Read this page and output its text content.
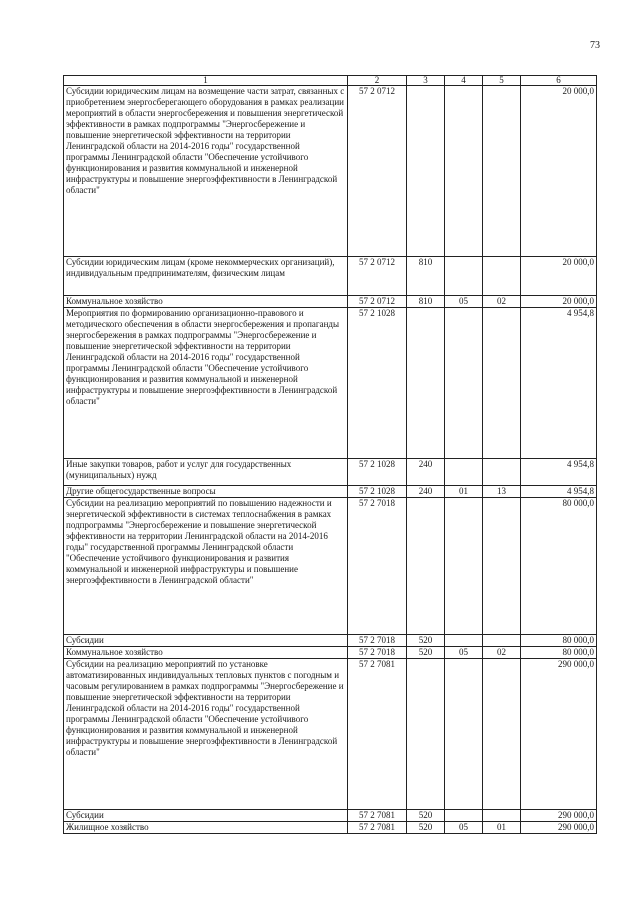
73
1	2	3	4	5	6
Субсидии юридическим лицам на возмещение части затрат, связанных с приобретением энергосберегающего оборудования в рамках реализации мероприятий в области энергосбережения и повышения энергетической эффективности в рамках подпрограммы "Энергосбережение и повышение энергетической эффективности на территории Ленинградской области на 2014-2016 годы" государственной программы Ленинградской области "Обеспечение устойчивого функционирования и развития коммунальной и инженерной инфраструктуры и повышение энергоэффективности в Ленинградской области"	57 2 0712				20 000,0
Субсидии юридическим лицам (кроме некоммерческих организаций), индивидуальным предпринимателям, физическим лицам	57 2 0712	810			20 000,0
Коммунальное хозяйство	57 2 0712	810	05	02	20 000,0
Мероприятия по формированию организационно-правового и методического обеспечения в области энергосбережения и пропаганды энергосбережения в рамках подпрограммы "Энергосбережение и повышение энергетической эффективности на территории Ленинградской области на 2014-2016 годы" государственной программы Ленинградской области "Обеспечение устойчивого функционирования и развития коммунальной и инженерной инфраструктуры и повышение энергоэффективности в Ленинградской области"	57 2 1028				4 954,8
Иные закупки товаров, работ и услуг для государственных (муниципальных) нужд	57 2 1028	240			4 954,8
Другие общегосударственные вопросы	57 2 1028	240	01	13	4 954,8
Субсидии на реализацию мероприятий по повышению надежности и энергетической эффективности в системах теплоснабжения в рамках подпрограммы "Энергосбережение и повышение энергетической эффективности на территории Ленинградской области на 2014-2016 годы" государственной программы Ленинградской области "Обеспечение устойчивого функционирования и развития коммунальной и инженерной инфраструктуры и повышение энергоэффективности в Ленинградской области"	57 2 7018				80 000,0
Субсидии	57 2 7018	520			80 000,0
Коммунальное хозяйство	57 2 7018	520	05	02	80 000,0
Субсидии на реализацию мероприятий по установке автоматизированных индивидуальных тепловых пунктов с погодным и часовым регулированием в рамках подпрограммы "Энергосбережение и повышение энергетической эффективности на территории Ленинградской области на 2014-2016 годы" государственной программы Ленинградской области "Обеспечение устойчивого функционирования и развития коммунальной и инженерной инфраструктуры и повышение энергоэффективности в Ленинградской области"	57 2 7081				290 000,0
Субсидии	57 2 7081	520			290 000,0
Жилищное хозяйство	57 2 7081	520	05	01	290 000,0
